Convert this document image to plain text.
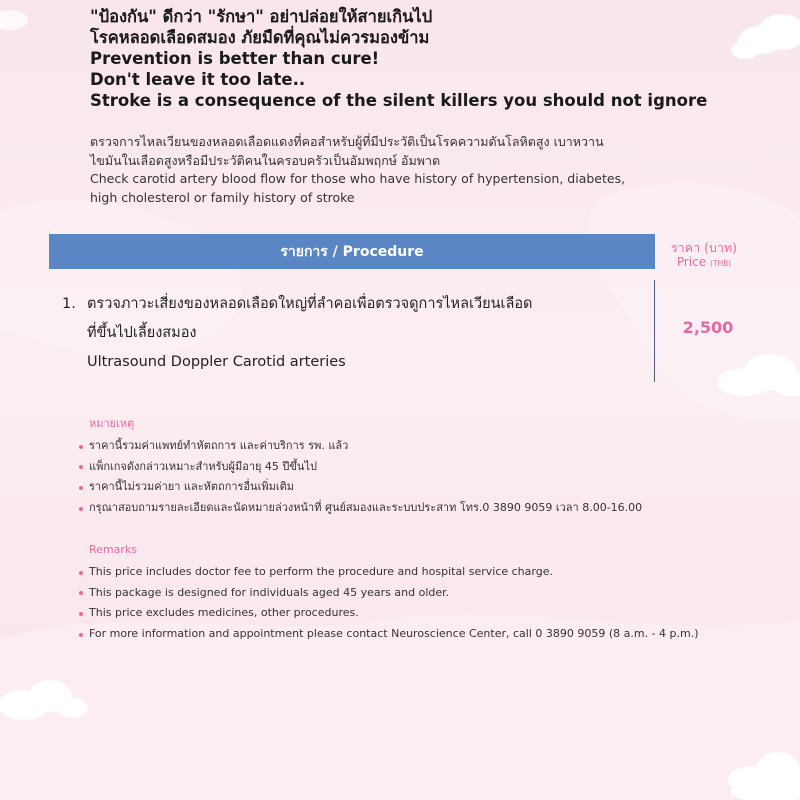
"ป้องกัน" ดีกว่า "รักษา" อย่าปล่อยให้สายเกินไป
โรคหลอดเลือดสมอง ภัยมืดที่คุณไม่ควรมองข้าม
Prevention is better than cure!
Don't leave it too late..
Stroke is a consequence of the silent killers you should not ignore
ตรวจการไหลเวียนของหลอดเลือดแดงที่คอสำหรับผู้ที่มีประวัติเป็นโรคความดันโลหิตสูง เบาหวาน
ไขมันในเลือดสูงหรือมีประวัติคนในครอบครัวเป็นอัมพฤกษ์ อัมพาต
Check carotid artery blood flow for those who have history of hypertension, diabetes,
high cholesterol or family history of stroke
รายการ / Procedure	ราคา (บาท)
Price (THB)
1. ตรวจภาวะเสี่ยงของหลอดเลือดใหญ่ที่ลำคอเพื่อตรวจดูการไหลเวียนเลือด
ที่ขึ้นไปเลี้ยงสมอง
Ultrasound Doppler Carotid arteries
2,500
หมายเหตุ
ราคานี้รวมค่าแพทย์ทำหัตถการ และค่าบริการ รพ. แล้ว
แพ็กเกจดังกล่าวเหมาะสำหรับผู้มีอายุ 45 ปีขึ้นไป
ราคานี้ไม่รวมค่ายา และหัตถการอื่นเพิ่มเติม
กรุณาสอบถามรายละเอียดและนัดหมายล่วงหน้าที่ ศูนย์สมองและระบบประสาท โทร.0 3890 9059 เวลา 8.00-16.00
Remarks
This price includes doctor fee to perform the procedure and hospital service charge.
This package is designed for individuals aged 45 years and older.
This price excludes medicines, other procedures.
For more information and appointment please contact Neuroscience Center, call 0 3890 9059 (8 a.m. - 4 p.m.)
